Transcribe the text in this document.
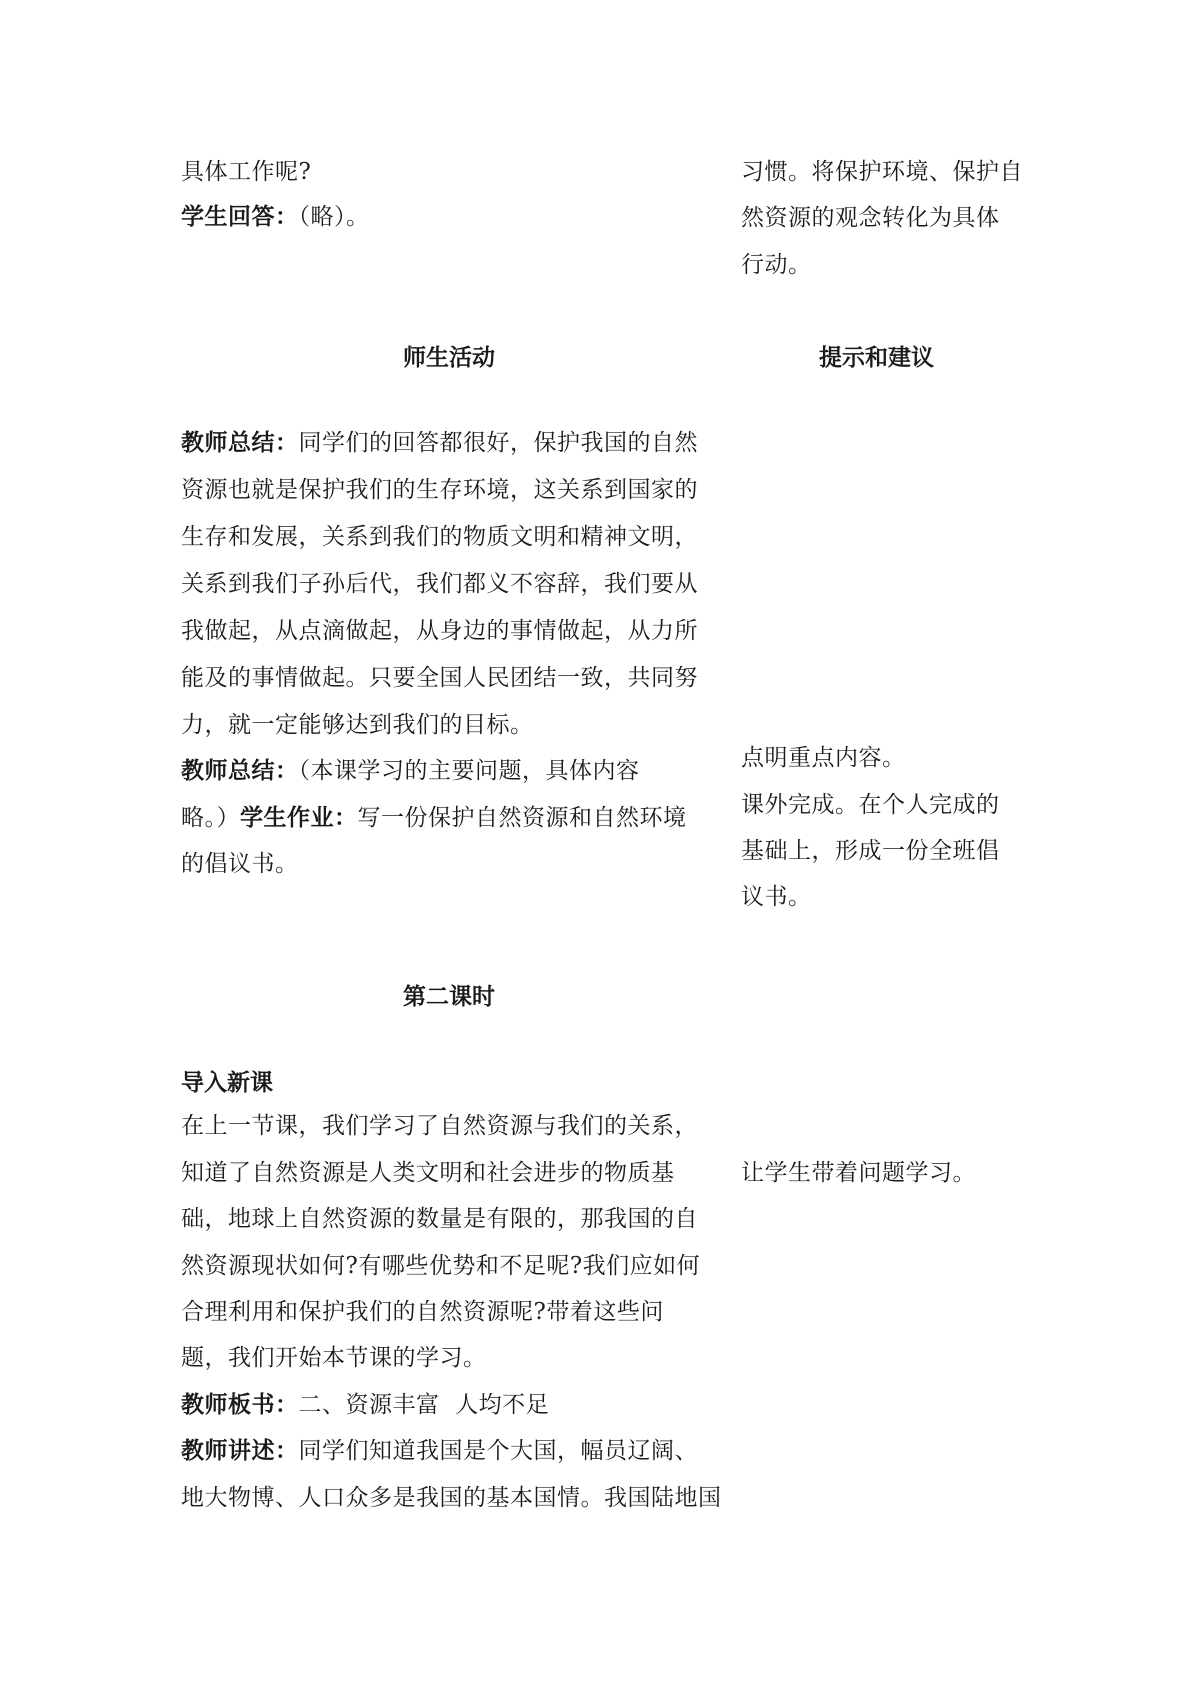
具体工作呢?
学生回答：（略）。
习惯。将保护环境、保护自
然资源的观念转化为具体
行动。
师生活动	提示和建议
教师总结：同学们的回答都很好，保护我国的自然
资源也就是保护我们的生存环境，这关系到国家的
生存和发展，关系到我们的物质文明和精神文明，
关系到我们子孙后代，我们都义不容辞，我们要从
我做起，从点滴做起，从身边的事情做起，从力所
能及的事情做起。只要全国人民团结一致，共同努
力，就一定能够达到我们的目标。
教师总结：（本课学习的主要问题，具体内容
略。）学生作业：写一份保护自然资源和自然环境
的倡议书。
点明重点内容。
课外完成。在个人完成的
基础上，形成一份全班倡
议书。
第二课时
导入新课
在上一节课，我们学习了自然资源与我们的关系，
知道了自然资源是人类文明和社会进步的物质基
础，地球上自然资源的数量是有限的，那我国的自
然资源现状如何?有哪些优势和不足呢?我们应如何
合理利用和保护我们的自然资源呢?带着这些问
题，我们开始本节课的学习。
让学生带着问题学习。
教师板书：二、资源丰富  人均不足
教师讲述：同学们知道我国是个大国，幅员辽阔、
地大物博、人口众多是我国的基本国情。我国陆地国
